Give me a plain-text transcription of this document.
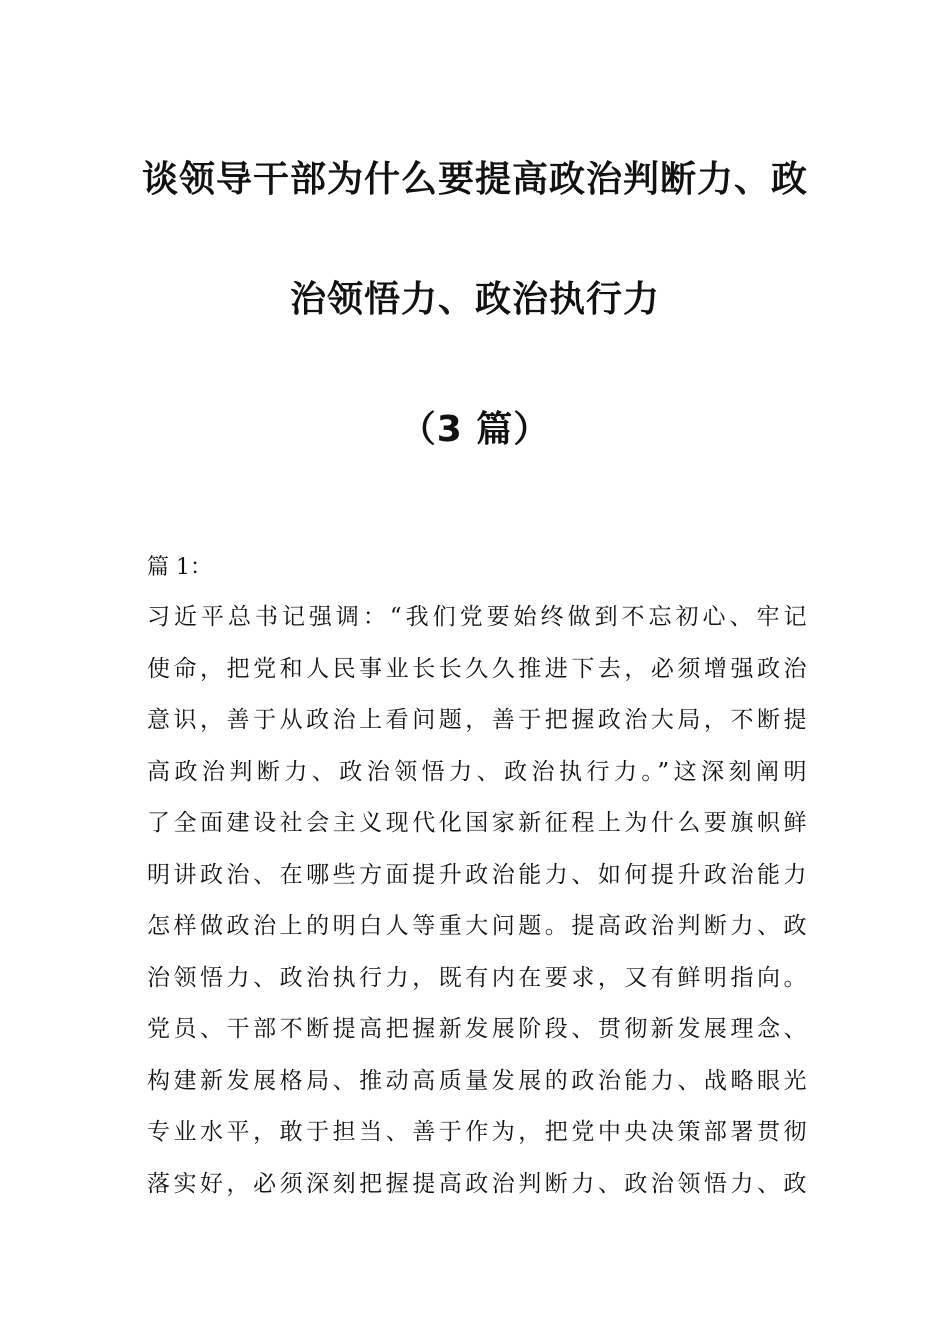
谈领导干部为什么要提高政治判断力、政
治领悟力、政治执行力
（3 篇）
篇 1：
习近平总书记强调：“我们党要始终做到不忘初心、牢记
使命，把党和人民事业长长久久推进下去，必须增强政治
意识，善于从政治上看问题，善于把握政治大局，不断提
高政治判断力、政治领悟力、政治执行力。”这深刻阐明
了全面建设社会主义现代化国家新征程上为什么要旗帜鲜
明讲政治、在哪些方面提升政治能力、如何提升政治能力
怎样做政治上的明白人等重大问题。提高政治判断力、政
治领悟力、政治执行力，既有内在要求，又有鲜明指向。
党员、干部不断提高把握新发展阶段、贯彻新发展理念、
构建新发展格局、推动高质量发展的政治能力、战略眼光
专业水平，敢于担当、善于作为，把党中央决策部署贯彻
落实好，必须深刻把握提高政治判断力、政治领悟力、政
